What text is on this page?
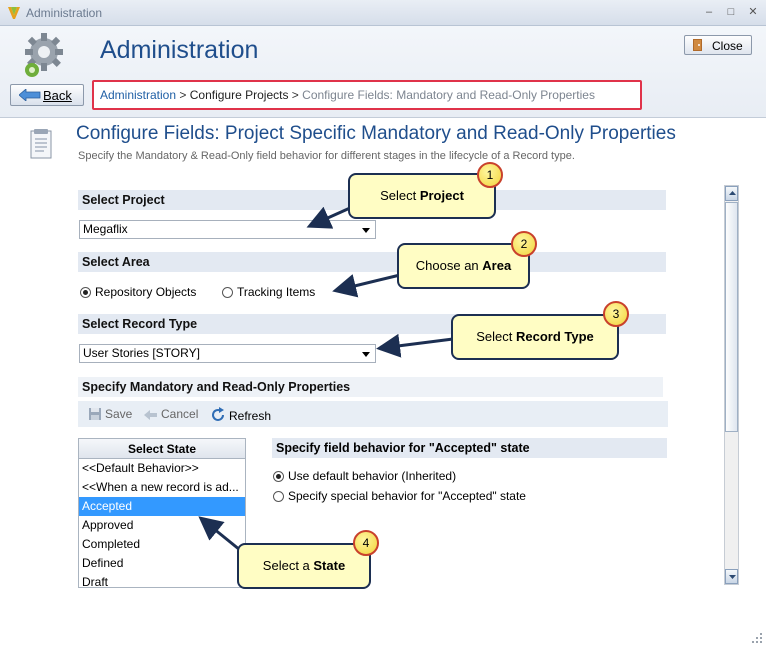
Administration	–	□	✕
Administration	Close
Back	Administration > Configure Projects > Configure Fields: Mandatory and Read-Only Properties
Configure Fields: Project Specific Mandatory and Read-Only Properties
Specify the Mandatory & Read-Only field behavior for different stages in the lifecycle of a Record type.
Select Project
Megaflix
Select Area
Repository Objects	Tracking Items
Select Record Type
User Stories [STORY]
Specify Mandatory and Read-Only Properties
Save	Cancel	Refresh
Select State
<<Default Behavior>>
<<When a new record is ad...
Accepted
Approved
Completed
Defined
Draft
Specify field behavior for "Accepted" state
Use default behavior (Inherited)
Specify special behavior for "Accepted" state
Select Project
1
Choose an Area
2
Select Record Type
3
Select a State
4
